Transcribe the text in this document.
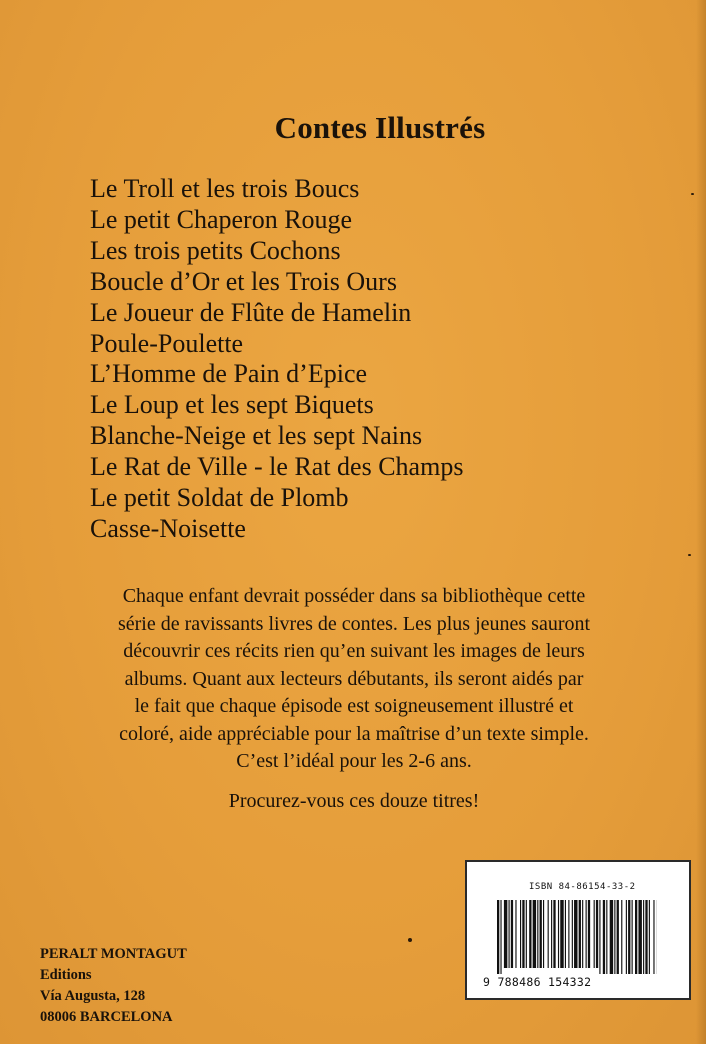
Contes Illustrés
Le Troll et les trois Boucs
Le petit Chaperon Rouge
Les trois petits Cochons
Boucle d’Or et les Trois Ours
Le Joueur de Flûte de Hamelin
Poule-Poulette
L’Homme de Pain d’Epice
Le Loup et les sept Biquets
Blanche-Neige et les sept Nains
Le Rat de Ville - le Rat des Champs
Le petit Soldat de Plomb
Casse-Noisette

Chaque enfant devrait posséder dans sa bibliothèque cette

série de ravissants livres de contes. Les plus jeunes sauront

découvrir ces récits rien qu’en suivant les images de leurs

albums. Quant aux lecteurs débutants, ils seront aidés par

le fait que chaque épisode est soigneusement illustré et

coloré, aide appréciable pour la maîtrise d’un texte simple.

C’est l’idéal pour les 2-6 ans.

Procurez-vous ces douze titres!
PERALT MONTAGUT
Editions
Vía Augusta, 128
08006 BARCELONA
ISBN 84-86154-33-2
9 788486 154332
